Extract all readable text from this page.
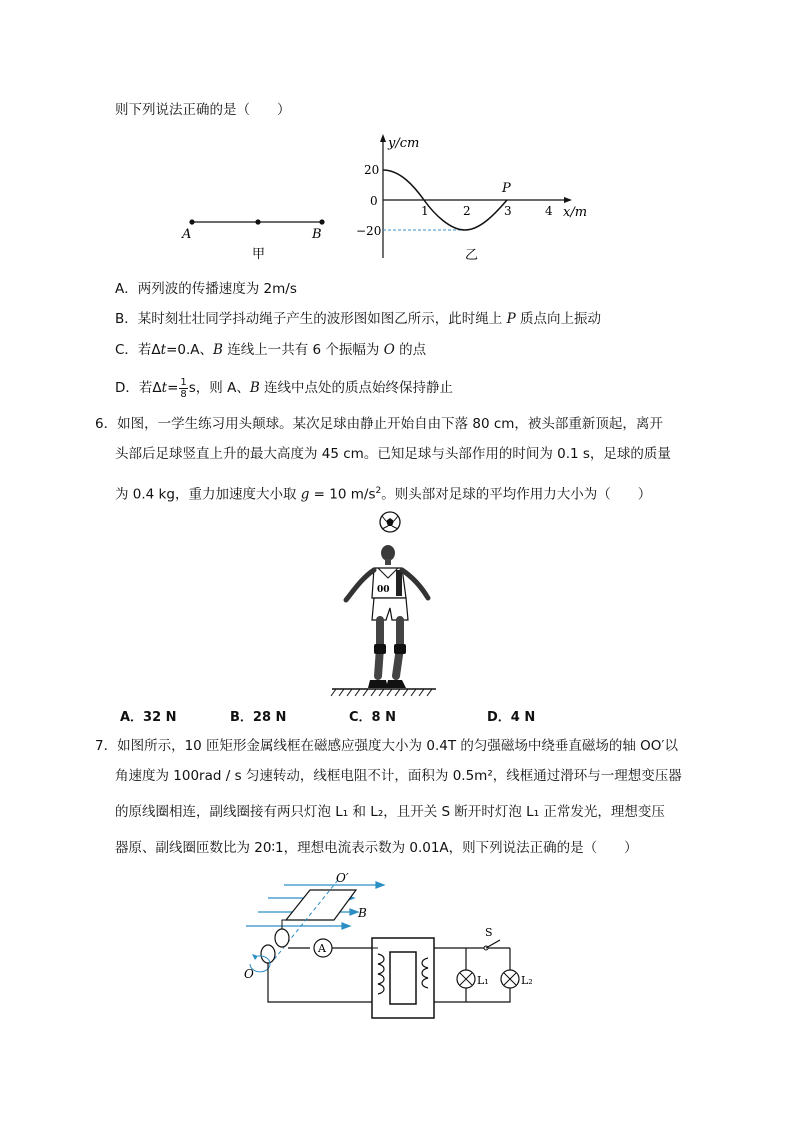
则下列说法正确的是（　　）
A	B
甲
y/cm
x/m
20
0
−20
1	2	3	4
P
乙
A．两列波的传播速度为 2m/s
B．某时刻壮壮同学抖动绳子产生的波形图如图乙所示，此时绳上 P 质点向上振动
C．若Δt=0.A、B 连线上一共有 6 个振幅为 O 的点
D．若$\Delta t= \frac{1}{8}$ s，则 A、B 连线中点处的质点始终保持静止
6．如图，一学生练习用头颠球。某次足球由静止开始自由下落 80 cm，被头部重新顶起，离开
头部后足球竖直上升的最大高度为 45 cm。已知足球与头部作用的时间为 0.1 s，足球的质量
为 0.4 kg，重力加速度大小取 g = 10 $m/s^2$。则头部对足球的平均作用力大小为（　　）
00
A．32 N	B．28 N	C．8 N	D．4 N
7．如图所示，10 匝矩形金属线框在磁感应强度大小为 0.4T 的匀强磁场中绕垂直磁场的轴 OO′以
角速度为 100rad / s 匀速转动，线框电阻不计，面积为 0.5m²，线框通过滑环与一理想变压器
的原线圈相连，副线圈接有两只灯泡 L₁ 和 L₂，且开关 S 断开时灯泡 L₁ 正常发光，理想变压
器原、副线圈匝数比为 20∶1，理想电流表示数为 0.01A，则下列说法正确的是（　　）
O′
B
O
A
L₁
S
L₂
